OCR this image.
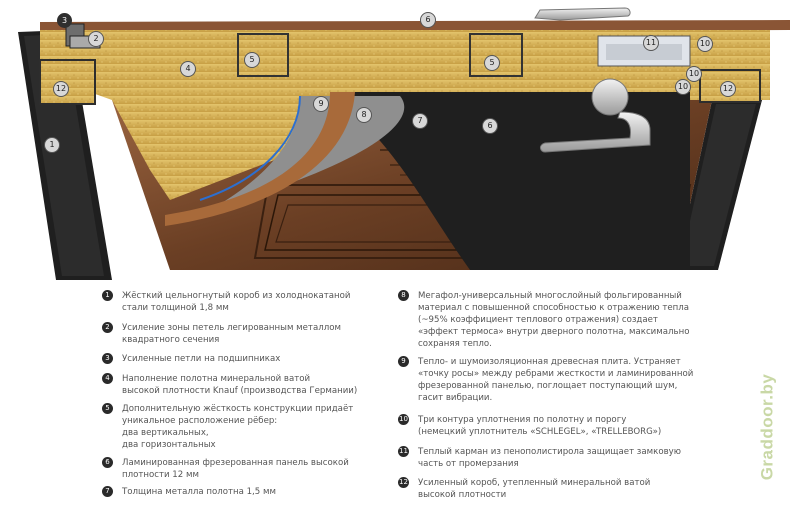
3
2
1
4
5	5
6
6
7
8
9
10
10
10
11
12	12
1	Жёсткий цельногнутый короб из холоднокатаной
стали толщиной 1,8 мм
2	Усиление зоны петель легированным металлом
квадратного сечения
3	Усиленные петли на подшипниках
4	Наполнение полотна минеральной ватой
высокой плотности Knauf (производства Германии)
5	Дополнительную жёсткость конструкции придаёт
уникальное расположение рёбер:
два вертикальных,
два горизонтальных
6	Ламинированная фрезерованная панель высокой
плотности 12 мм
7	Толщина металла полотна 1,5 мм
8	Мегафол-универсальный многослойный фольгированный
материал с повышенной способностью к отражению тепла
(~95% коэффициент теплового отражения) создает
«эффект термоса» внутри дверного полотна, максимально
сохраняя тепло.
9	Тепло- и шумоизоляционная древесная плита. Устраняет
«точку росы» между ребрами жесткости и ламинированной
фрезерованной панелью, поглощает поступающий шум,
гасит вибрации.
10 Три контура уплотнения по полотну и порогу
(немецкий уплотнитель «SCHLEGEL», «TRELLEBORG»)
11 Теплый карман из пенополистирола защищает замковую
часть от промерзания
12 Усиленный короб, утепленный минеральной ватой
высокой плотности
Graddoor.by
